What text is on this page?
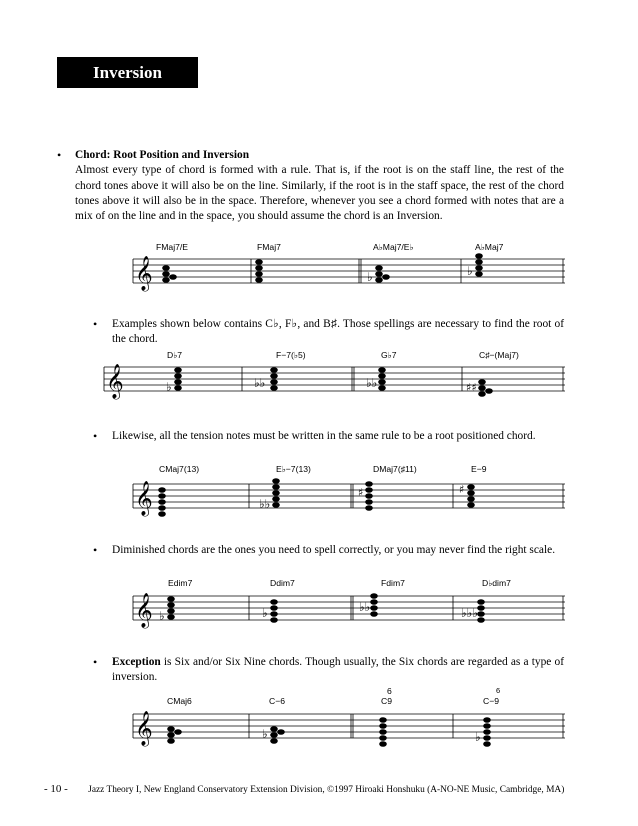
Inversion
• Chord: Root Position and Inversion
Almost every type of chord is formed with a rule. That is, if the root is on the staff line, the rest of the chord tones above it will also be on the line. Similarly, if the root is in the staff space, the rest of the chord tones above it will also be in the space. Therefore, whenever you see a chord formed with notes that are a mix of on the line and in the space, you should assume the chord is an Inversion.
FMaj7/E	FMaj7	A♭Maj7/E♭	A♭Maj7
𝄞	♭	♭
• Examples shown below contains C♭, F♭, and B♯. Those spellings are necessary to find the root of the chord.
D♭7	F−7(♭5)	G♭7	C♯−(Maj7)
𝄞	♭	♭♭	♭♭	♯♯
• Likewise, all the tension notes must be written in the same rule to be a root positioned chord.
CMaj7(13)	E♭−7(13)	DMaj7(♯11)	E−9
𝄞	♭♭
♯	♯
• Diminished chords are the ones you need to spell correctly, or you may never find the right scale.
Edim7	Ddim7	Fdim7	D♭dim7
𝄞 ♭	♭	♭♭	♭♭♭
• Exception is Six and/or Six Nine chords. Though usually, the Six chords are regarded as a type of inversion.
6	6
CMaj6	C−6	C9	C−9
𝄞	♭	♭
- 10 - Jazz Theory I, New England Conservatory Extension Division, ©1997 Hiroaki Honshuku (A-NO-NE Music, Cambridge, MA)
